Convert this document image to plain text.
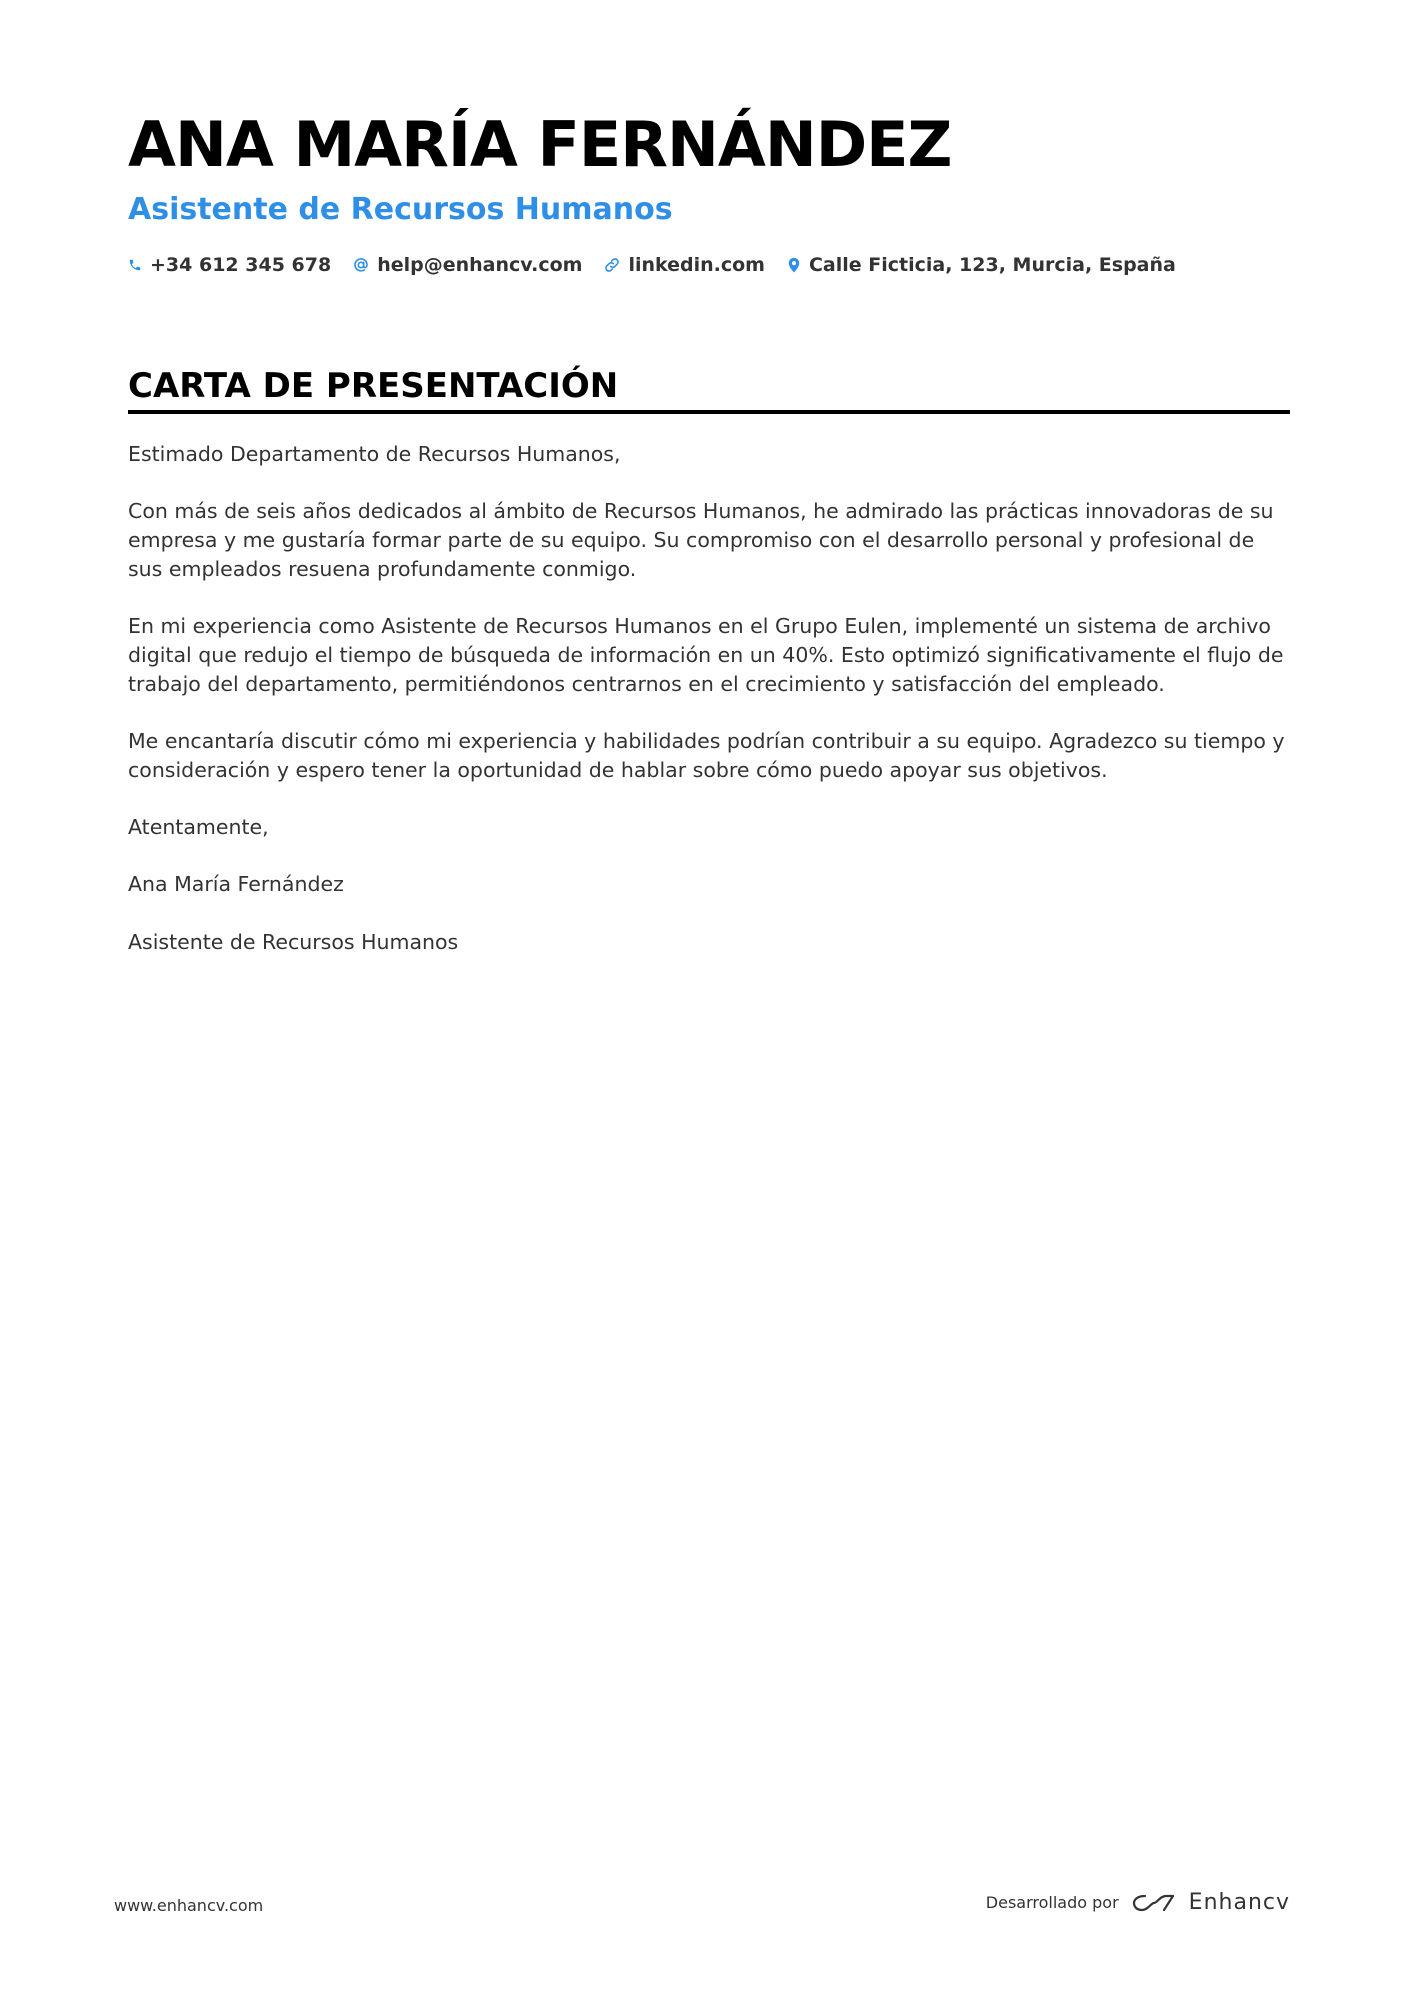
ANA MARÍA FERNÁNDEZ
Asistente de Recursos Humanos
+34 612 345 678 help@enhancv.com linkedin.com Calle Ficticia, 123, Murcia, España
CARTA DE PRESENTACIÓN

Estimado Departamento de Recursos Humanos,

Con más de seis años dedicados al ámbito de Recursos Humanos, he admirado las prácticas innovadoras de su empresa y me gustaría formar parte de su equipo. Su compromiso con el desarrollo personal y profesional de sus empleados resuena profundamente conmigo.

En mi experiencia como Asistente de Recursos Humanos en el Grupo Eulen, implementé un sistema de archivo digital que redujo el tiempo de búsqueda de información en un 40%. Esto optimizó significativamente el flujo de trabajo del departamento, permitiéndonos centrarnos en el crecimiento y satisfacción del empleado.

Me encantaría discutir cómo mi experiencia y habilidades podrían contribuir a su equipo. Agradezco su tiempo y consideración y espero tener la oportunidad de hablar sobre cómo puedo apoyar sus objetivos.

Atentamente,

Ana María Fernández

Asistente de Recursos Humanos

www.enhancv.com	Desarrollado por	Enhancv
